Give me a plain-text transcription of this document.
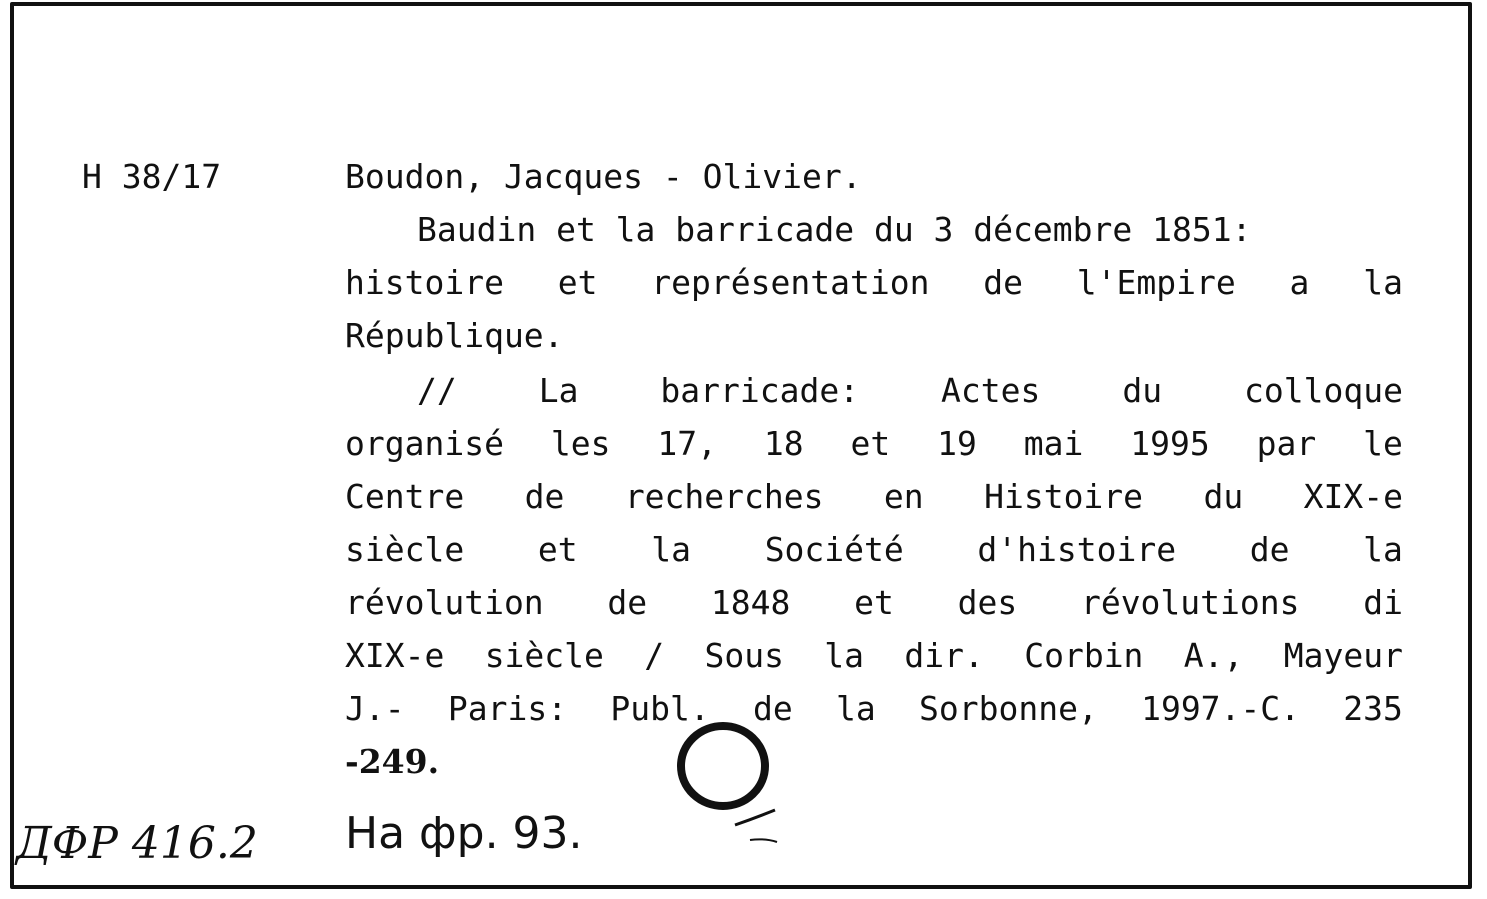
H 38/17	Boudon, Jacques - Olivier.
Baudin et la barricade du 3 décembre 1851:
histoire et représentation de l'Empire a la
République.
// La barricade: Actes du colloque
organisé les 17, 18 et 19 mai 1995 par le
Centre de recherches en Histoire du XIX-e
siècle et la Société d'histoire de la
révolution de 1848 et des révolutions di
XIX-e siècle / Sous la dir. Corbin A., Mayeur
J.- Paris: Publ. de la Sorbonne, 1997.-C. 235
-249.
ДФР 416.2 На фр. 93.
